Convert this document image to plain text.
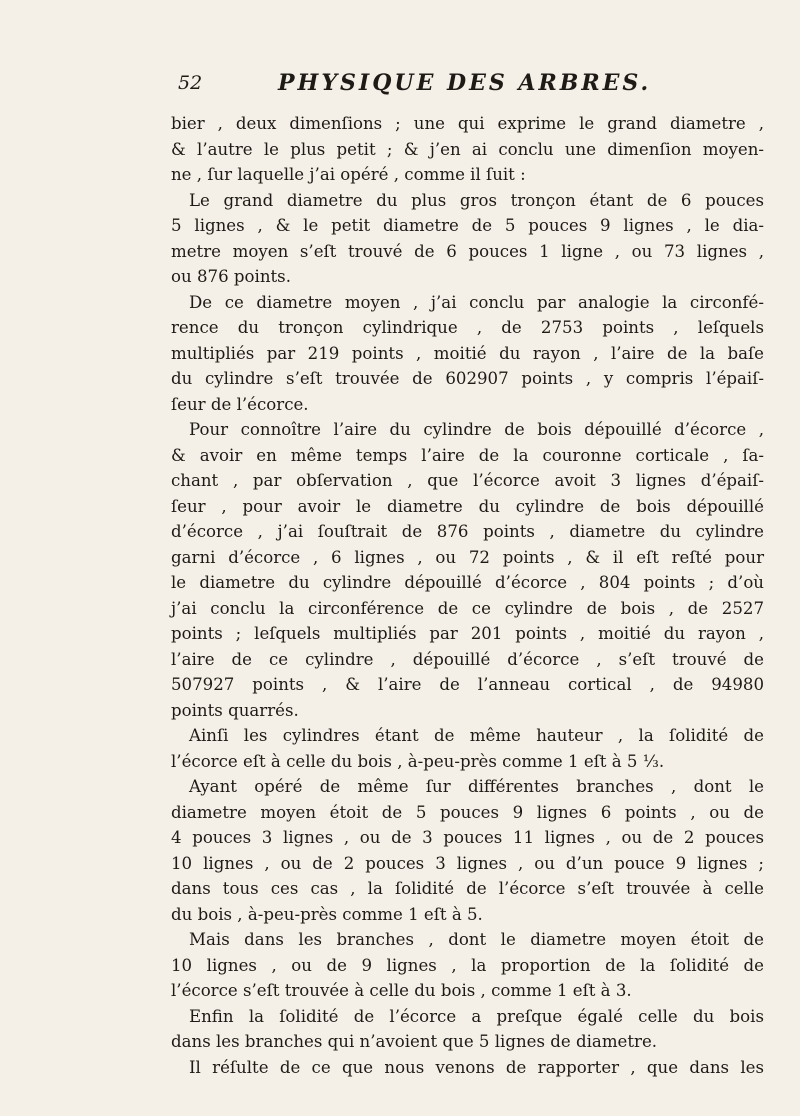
52	PHYSIQUE DES ARBRES.
bier , deux dimenſions ; une qui exprime le grand diametre ,
& l’autre le plus petit ; & j’en ai conclu une dimenſion moyen-
ne , ſur laquelle j’ai opéré , comme il ſuit :
Le grand diametre du plus gros tronçon étant de 6 pouces
5 lignes , & le petit diametre de 5 pouces 9 lignes , le dia-
metre moyen s’eſt trouvé de 6 pouces 1 ligne , ou 73 lignes ,
ou 876 points.
De ce diametre moyen , j’ai conclu par analogie la circonfé-
rence du tronçon cylindrique , de 2753 points , leſquels
multipliés par 219 points , moitié du rayon , l’aire de la baſe
du cylindre s’eſt trouvée de 602907 points , y compris l’épaiſ-
ſeur de l’écorce.
Pour connoître l’aire du cylindre de bois dépouillé d’écorce ,
& avoir en même temps l’aire de la couronne corticale , ſa-
chant , par obſervation , que l’écorce avoit 3 lignes d’épaiſ-
ſeur , pour avoir le diametre du cylindre de bois dépouillé
d’écorce , j’ai ſouſtrait de 876 points , diametre du cylindre
garni d’écorce , 6 lignes , ou 72 points , & il eſt reſté pour
le diametre du cylindre dépouillé d’écorce , 804 points ; d’où
j’ai conclu la circonférence de ce cylindre de bois , de 2527
points ; leſquels multipliés par 201 points , moitié du rayon ,
l’aire de ce cylindre , dépouillé d’écorce , s’eſt trouvé de
507927 points , & l’aire de l’anneau cortical , de 94980
points quarrés.
Ainſi les cylindres étant de même hauteur , la ſolidité de
l’écorce eſt à celle du bois , à-peu-près comme 1 eſt à 5 ⅓.
Ayant opéré de même ſur différentes branches , dont le
diametre moyen étoit de 5 pouces 9 lignes 6 points , ou de
4 pouces 3 lignes , ou de 3 pouces 11 lignes , ou de 2 pouces
10 lignes , ou de 2 pouces 3 lignes , ou d’un pouce 9 lignes ;
dans tous ces cas , la ſolidité de l’écorce s’eſt trouvée à celle
du bois , à-peu-près comme 1 eſt à 5.
Mais dans les branches , dont le diametre moyen étoit de
10 lignes , ou de 9 lignes , la proportion de la ſolidité de
l’écorce s’eſt trouvée à celle du bois , comme 1 eſt à 3.
Enfin la ſolidité de l’écorce a preſque égalé celle du bois
dans les branches qui n’avoient que 5 lignes de diametre.
Il réſulte de ce que nous venons de rapporter , que dans les
